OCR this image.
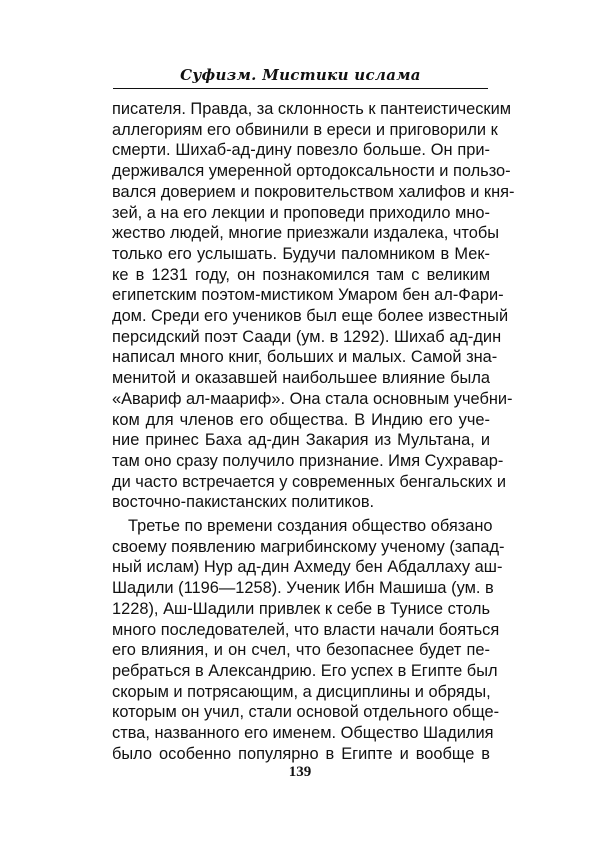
Суфизм. Мистики ислама

писателя. Правда, за склонность к пантеистическим
аллегориям его обвинили в ереси и приговорили к
смерти. Шихаб-ад-дину повезло больше. Он при-
держивался умеренной ортодоксальности и пользо-
вался доверием и покровительством халифов и кня-
зей, а на его лекции и проповеди приходило мно-
жество людей, многие приезжали издалека, чтобы
только его услышать. Будучи паломником в Мек-
ке в 1231 году, он познакомился там с великим
египетским поэтом-мистиком Умаром бен ал-Фари-
дом. Среди его учеников был еще более известный
персидский поэт Саади (ум. в 1292). Шихаб ад-дин
написал много книг, больших и малых. Самой зна-
менитой и оказавшей наибольшее влияние была
«Авариф ал-маариф». Она стала основным учебни-
ком для членов его общества. В Индию его уче-
ние принес Баха ад-дин Закария из Мультана, и
там оно сразу получило признание. Имя Сухравар-
ди часто встречается у современных бенгальских и
восточно-пакистанских политиков.

Третье по времени создания общество обязано
своему появлению магрибинскому ученому (запад-
ный ислам) Нур ад-дин Ахмеду бен Абдаллаху аш-
Шадили (1196—1258). Ученик Ибн Машиша (ум. в
1228), Аш-Шадили привлек к себе в Тунисе столь
много последователей, что власти начали бояться
его влияния, и он счел, что безопаснее будет пе-
ребраться в Александрию. Его успех в Египте был
скорым и потрясающим, а дисциплины и обряды,
которым он учил, стали основой отдельного обще-
ства, названного его именем. Общество Шадилия
было особенно популярно в Египте и вообще в

139
